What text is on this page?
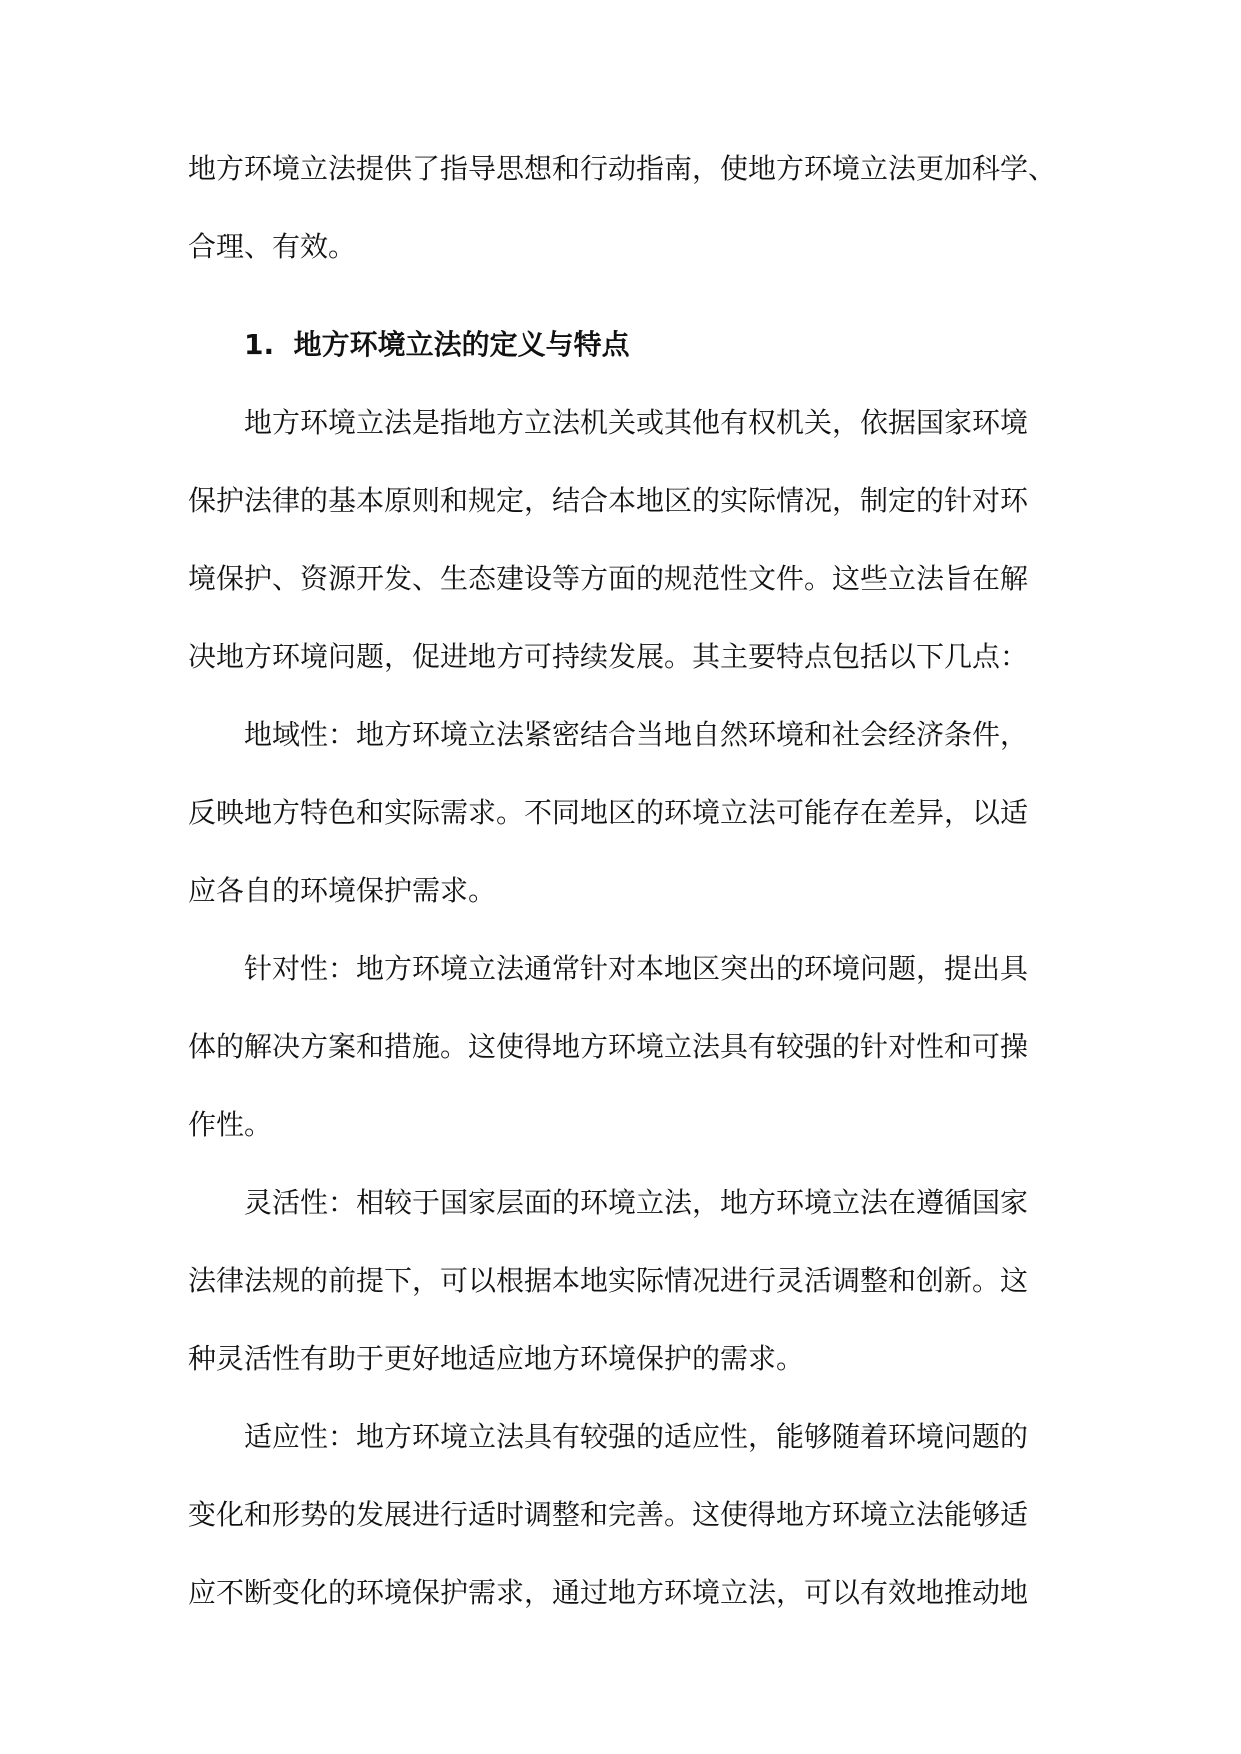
地方环境立法提供了指导思想和行动指南，使地方环境立法更加科学、
合理、有效。

1.  地方环境立法的定义与特点

地方环境立法是指地方立法机关或其他有权机关，依据国家环境
保护法律的基本原则和规定，结合本地区的实际情况，制定的针对环
境保护、资源开发、生态建设等方面的规范性文件。这些立法旨在解
决地方环境问题，促进地方可持续发展。其主要特点包括以下几点：

地域性：地方环境立法紧密结合当地自然环境和社会经济条件，
反映地方特色和实际需求。不同地区的环境立法可能存在差异，以适
应各自的环境保护需求。

针对性：地方环境立法通常针对本地区突出的环境问题，提出具
体的解决方案和措施。这使得地方环境立法具有较强的针对性和可操
作性。

灵活性：相较于国家层面的环境立法，地方环境立法在遵循国家
法律法规的前提下，可以根据本地实际情况进行灵活调整和创新。这
种灵活性有助于更好地适应地方环境保护的需求。

适应性：地方环境立法具有较强的适应性，能够随着环境问题的
变化和形势的发展进行适时调整和完善。这使得地方环境立法能够适
应不断变化的环境保护需求，通过地方环境立法，可以有效地推动地
